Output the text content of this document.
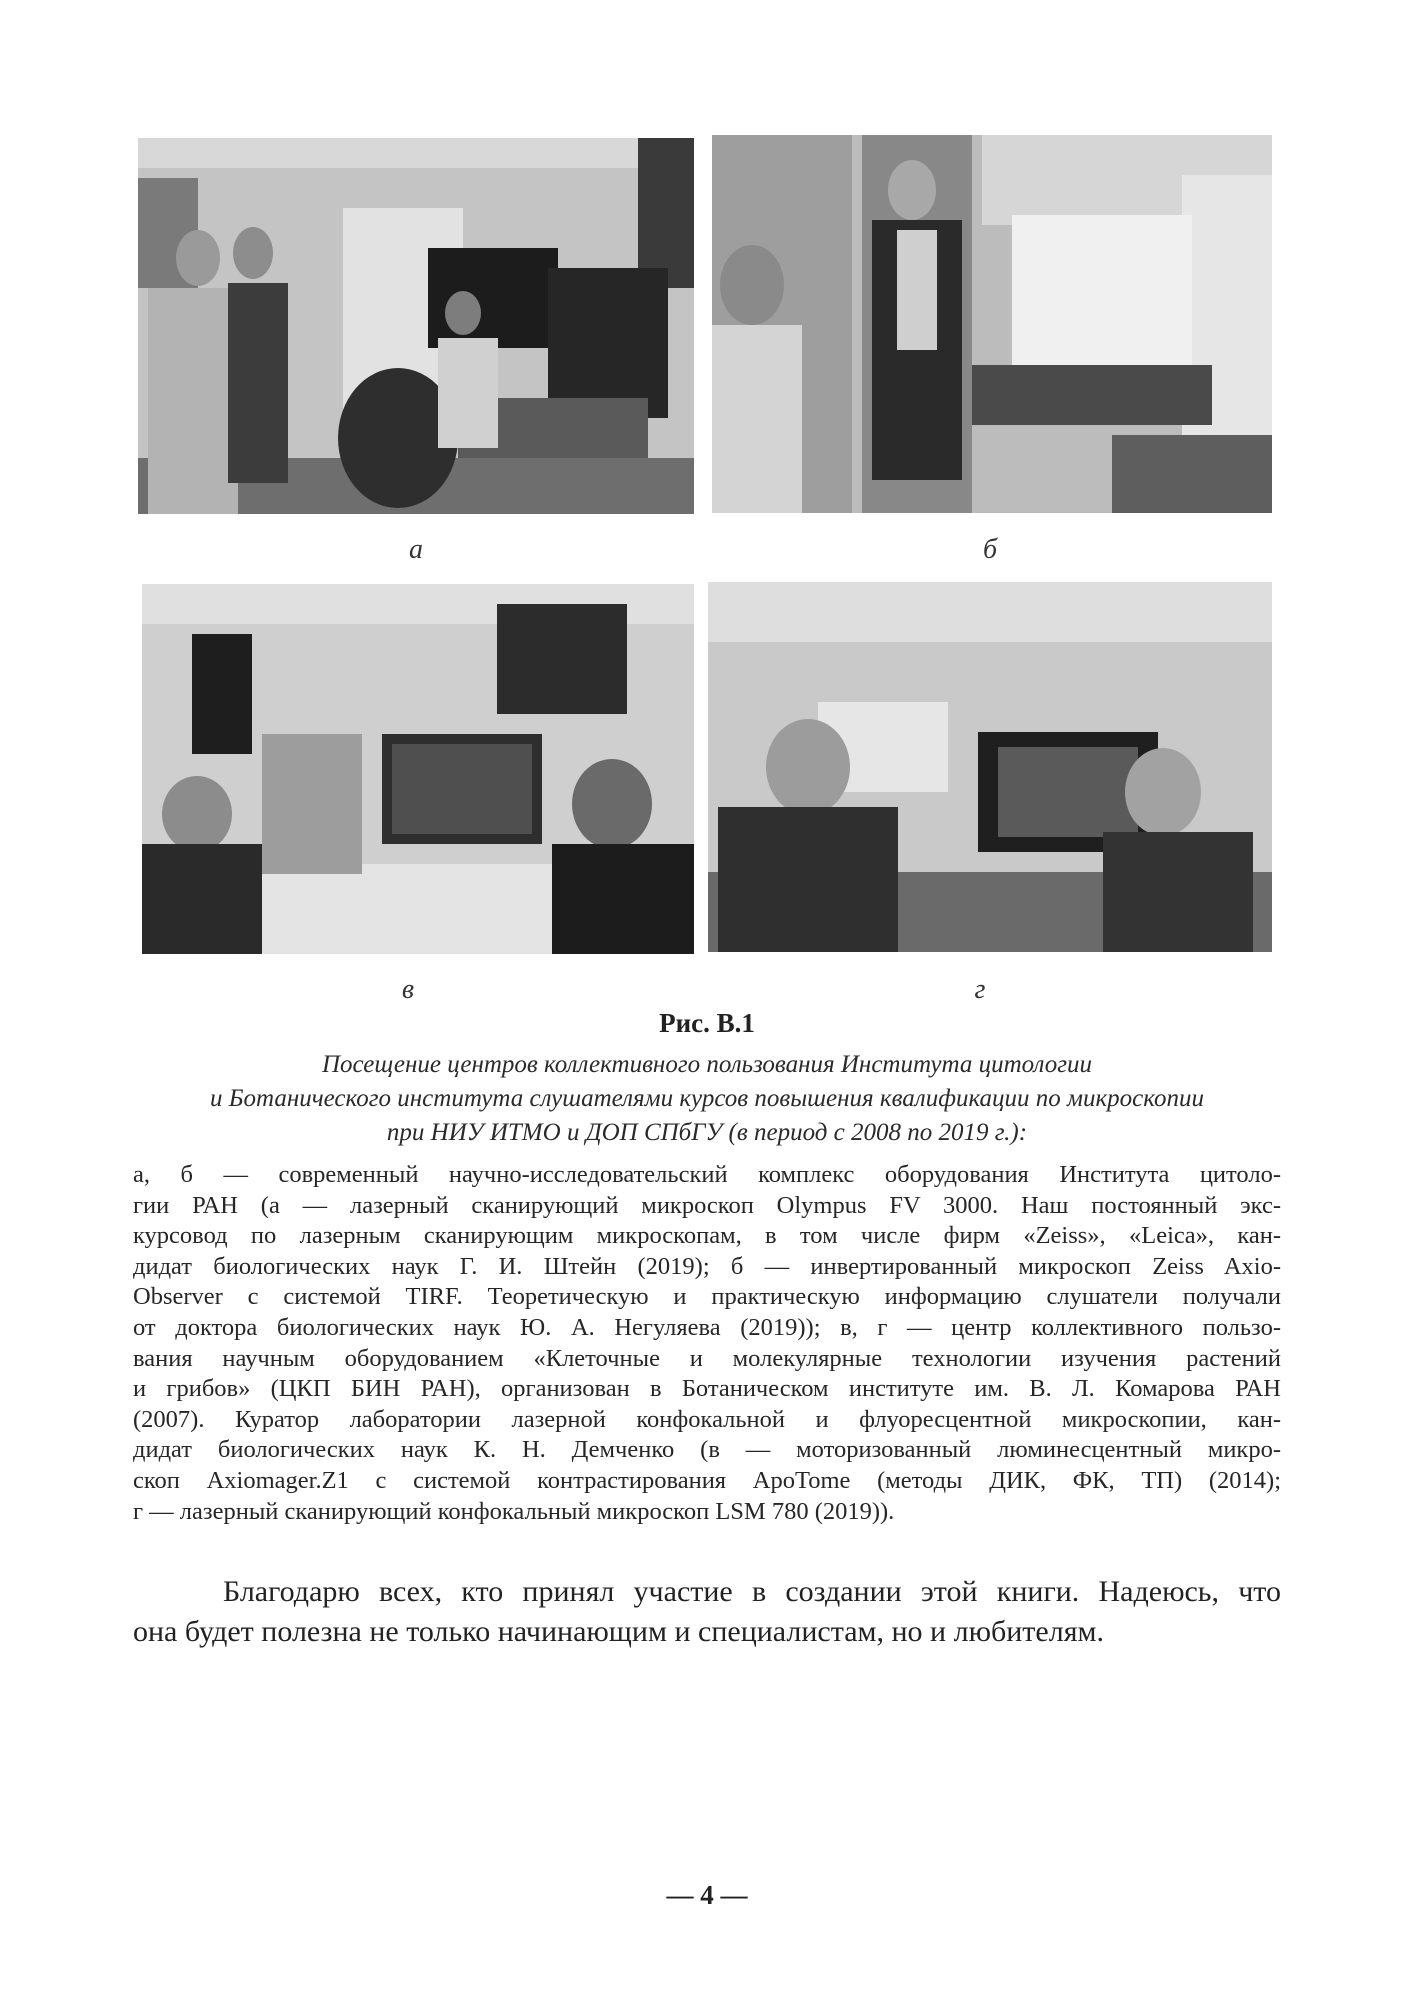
а	б
в	г
Рис. В.1
Посещение центров коллективного пользования Института цитологии
и Ботанического института слушателями курсов повышения квалификации по микроскопии
при НИУ ИТМО и ДОП СПбГУ (в период с 2008 по 2019 г.):
а, б — современный научно-исследовательский комплекс оборудования Института цитоло-
гии РАН (а — лазерный сканирующий микроскоп Olympus FV 3000. Наш постоянный экс-
курсовод по лазерным сканирующим микроскопам, в том числе фирм «Zeiss», «Leica», кан-
дидат биологических наук Г. И. Штейн (2019); б — инвертированный микроскоп Zeiss Axio-
Observer с системой TIRF. Теоретическую и практическую информацию слушатели получали
от доктора биологических наук Ю. А. Негуляева (2019)); в, г — центр коллективного пользо-
вания научным оборудованием «Клеточные и молекулярные технологии изучения растений
и грибов» (ЦКП БИН РАН), организован в Ботаническом институте им. В. Л. Комарова РАН
(2007). Куратор лаборатории лазерной конфокальной и флуоресцентной микроскопии, кан-
дидат биологических наук К. Н. Демченко (в — моторизованный люминесцентный микро-
скоп Axiomager.Z1 с системой контрастирования ApoTome (методы ДИК, ФК, ТП) (2014);
г — лазерный сканирующий конфокальный микроскоп LSM 780 (2019)).
Благодарю всех, кто принял участие в создании этой книги. Надеюсь, что
она будет полезна не только начинающим и специалистам, но и любителям.
— 4 —
